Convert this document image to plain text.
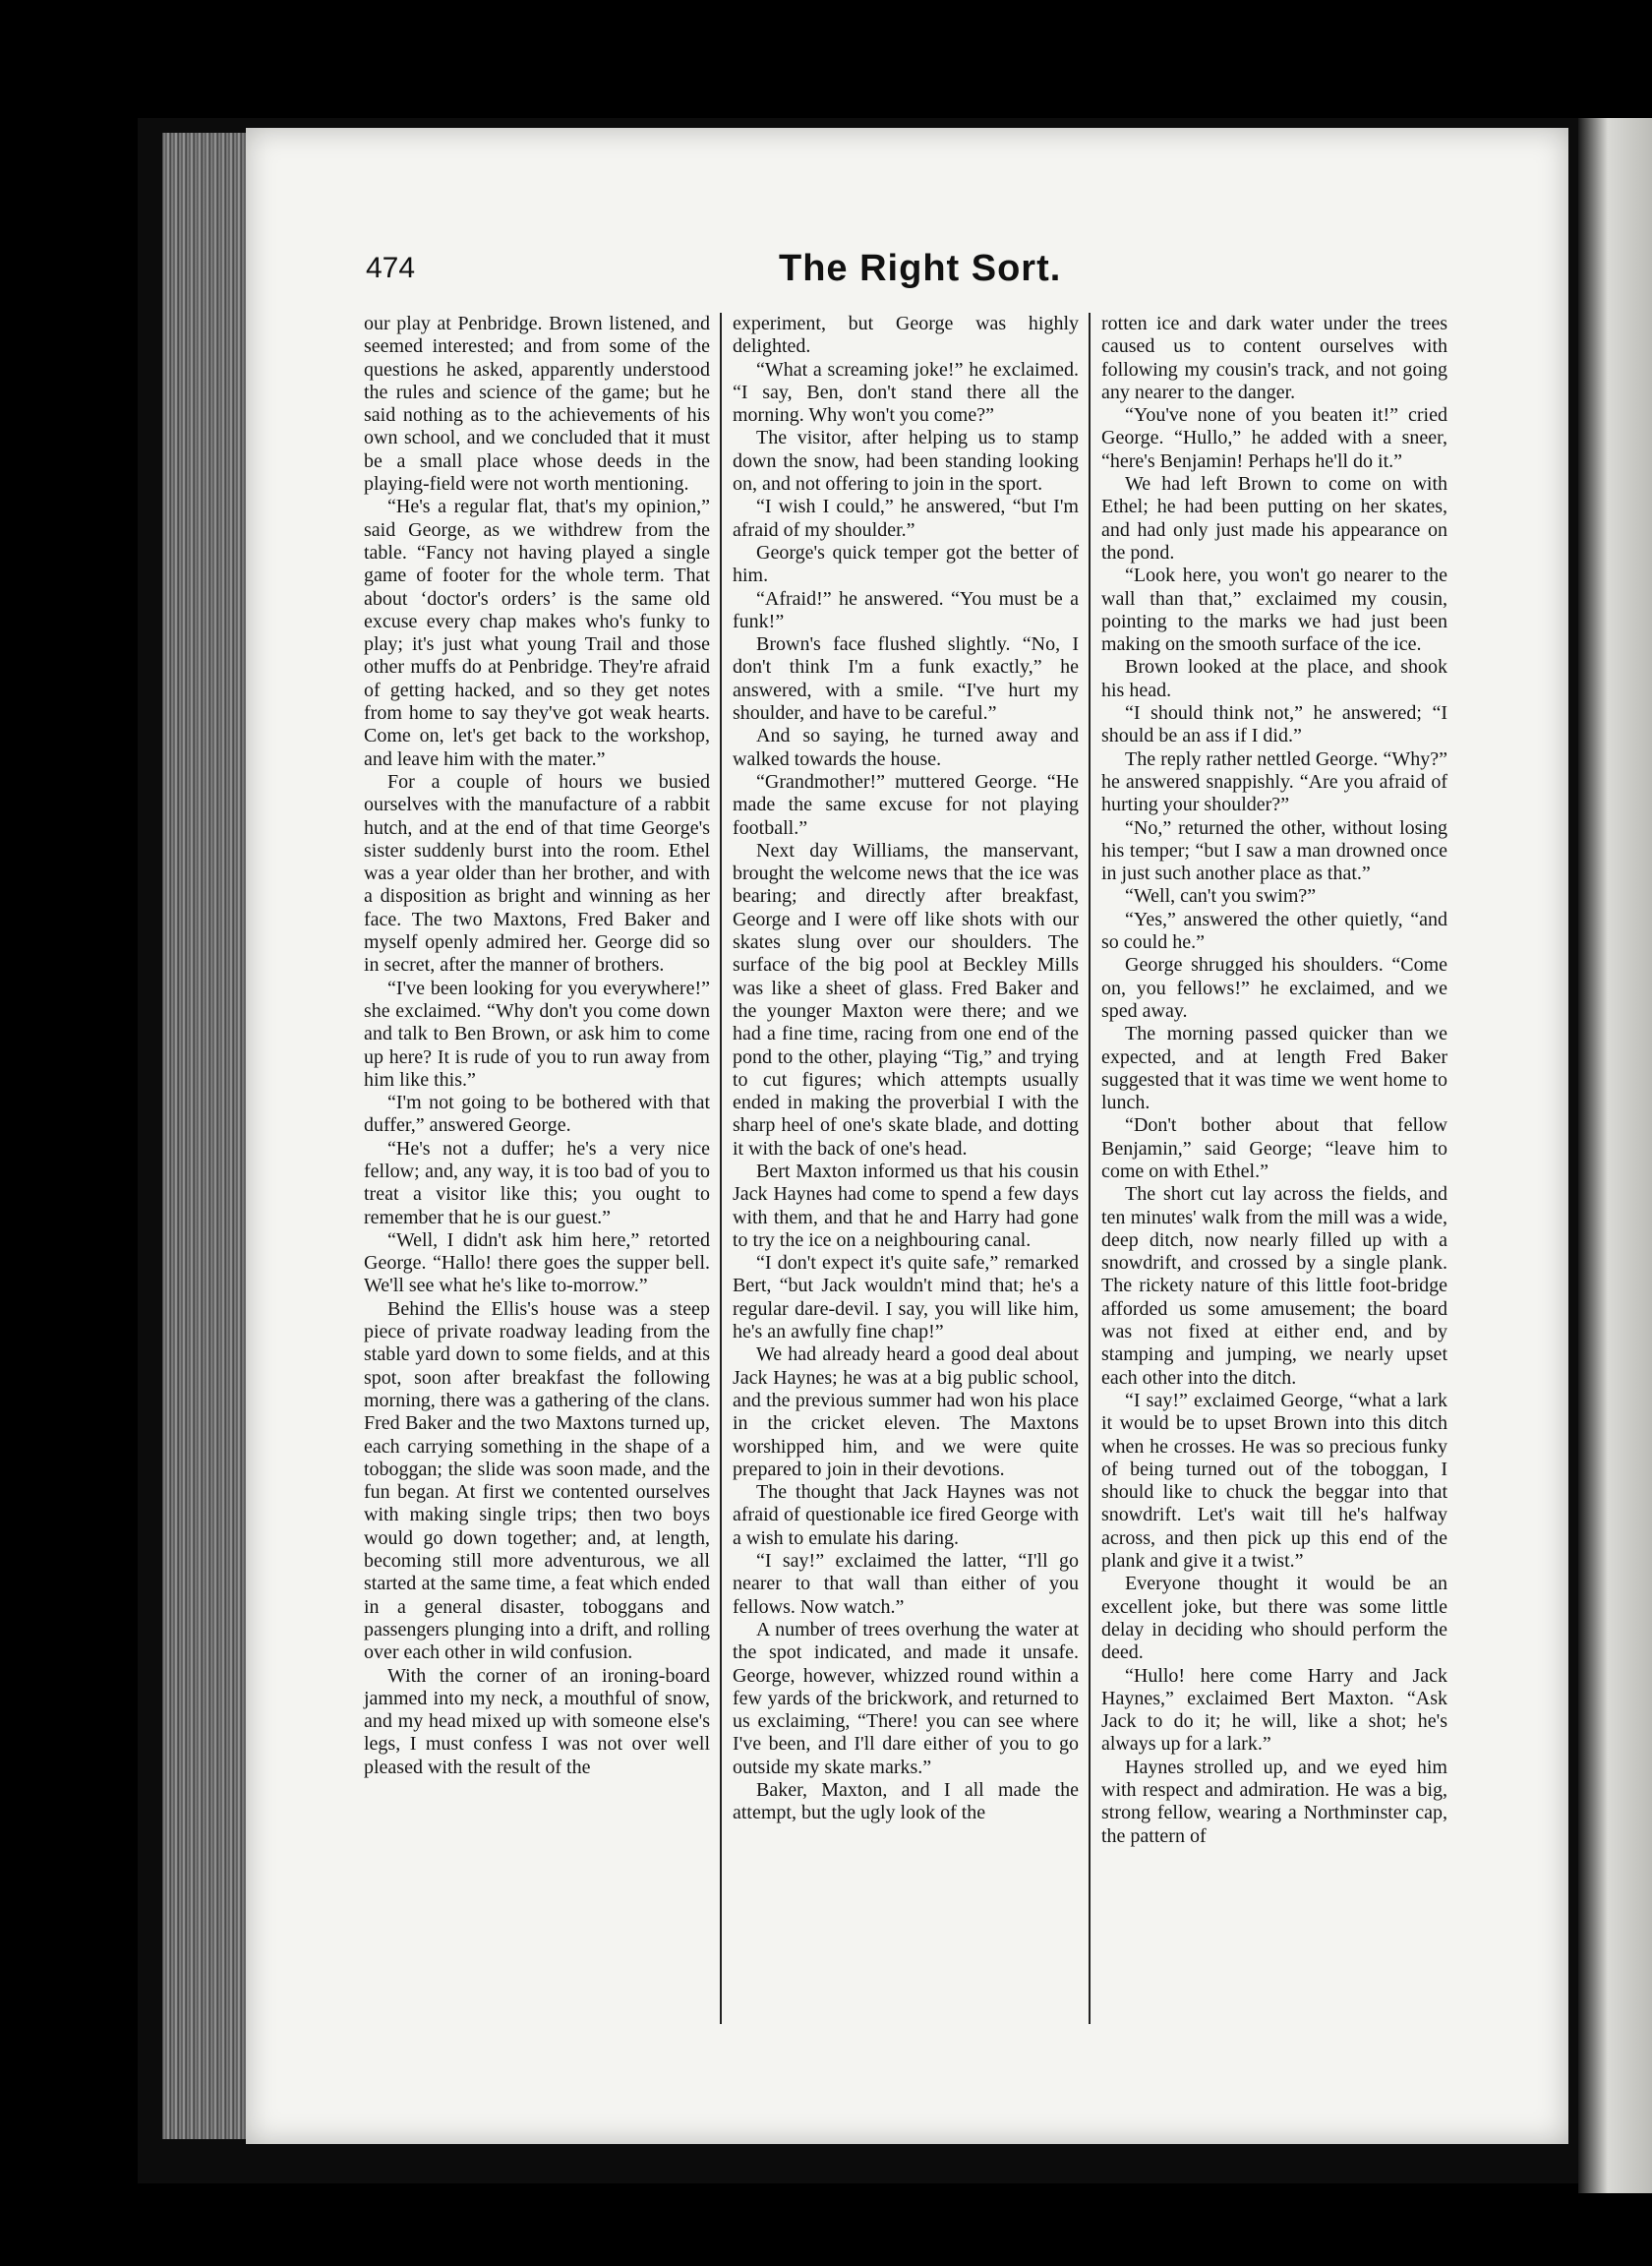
474	The Right Sort.

our play at Penbridge. Brown listened, and seemed interested; and from some of the questions he asked, apparently understood the rules and science of the game; but he said nothing as to the achievements of his own school, and we concluded that it must be a small place whose deeds in the playing-field were not worth mentioning.

“He's a regular flat, that's my opinion,” said George, as we withdrew from the table. “Fancy not having played a single game of footer for the whole term. That about ‘doctor's orders’ is the same old excuse every chap makes who's funky to play; it's just what young Trail and those other muffs do at Penbridge. They're afraid of getting hacked, and so they get notes from home to say they've got weak hearts. Come on, let's get back to the workshop, and leave him with the mater.”

For a couple of hours we busied ourselves with the manufacture of a rabbit hutch, and at the end of that time George's sister suddenly burst into the room. Ethel was a year older than her brother, and with a disposition as bright and winning as her face. The two Maxtons, Fred Baker and myself openly admired her. George did so in secret, after the manner of brothers.

“I've been looking for you everywhere!” she exclaimed. “Why don't you come down and talk to Ben Brown, or ask him to come up here? It is rude of you to run away from him like this.”

“I'm not going to be bothered with that duffer,” answered George.

“He's not a duffer; he's a very nice fellow; and, any way, it is too bad of you to treat a visitor like this; you ought to remember that he is our guest.”

“Well, I didn't ask him here,” retorted George. “Hallo! there goes the supper bell. We'll see what he's like to-morrow.”

Behind the Ellis's house was a steep piece of private roadway leading from the stable yard down to some fields, and at this spot, soon after breakfast the following morning, there was a gathering of the clans. Fred Baker and the two Maxtons turned up, each carrying something in the shape of a toboggan; the slide was soon made, and the fun began. At first we contented ourselves with making single trips; then two boys would go down together; and, at length, becoming still more adventurous, we all started at the same time, a feat which ended in a general disaster, toboggans and passengers plunging into a drift, and rolling over each other in wild confusion.

With the corner of an ironing-board jammed into my neck, a mouthful of snow, and my head mixed up with someone else's legs, I must confess I was not over well pleased with the result of the

experiment, but George was highly delighted.

“What a screaming joke!” he exclaimed. “I say, Ben, don't stand there all the morning. Why won't you come?”

The visitor, after helping us to stamp down the snow, had been standing looking on, and not offering to join in the sport.

“I wish I could,” he answered, “but I'm afraid of my shoulder.”

George's quick temper got the better of him.

“Afraid!” he answered. “You must be a funk!”

Brown's face flushed slightly. “No, I don't think I'm a funk exactly,” he answered, with a smile. “I've hurt my shoulder, and have to be careful.”

And so saying, he turned away and walked towards the house.

“Grandmother!” muttered George. “He made the same excuse for not playing football.”

Next day Williams, the manservant, brought the welcome news that the ice was bearing; and directly after breakfast, George and I were off like shots with our skates slung over our shoulders. The surface of the big pool at Beckley Mills was like a sheet of glass. Fred Baker and the younger Maxton were there; and we had a fine time, racing from one end of the pond to the other, playing “Tig,” and trying to cut figures; which attempts usually ended in making the proverbial I with the sharp heel of one's skate blade, and dotting it with the back of one's head.

Bert Maxton informed us that his cousin Jack Haynes had come to spend a few days with them, and that he and Harry had gone to try the ice on a neighbouring canal.

“I don't expect it's quite safe,” remarked Bert, “but Jack wouldn't mind that; he's a regular dare-devil. I say, you will like him, he's an awfully fine chap!”

We had already heard a good deal about Jack Haynes; he was at a big public school, and the previous summer had won his place in the cricket eleven. The Maxtons worshipped him, and we were quite prepared to join in their devotions.

The thought that Jack Haynes was not afraid of questionable ice fired George with a wish to emulate his daring.

“I say!” exclaimed the latter, “I'll go nearer to that wall than either of you fellows. Now watch.”

A number of trees overhung the water at the spot indicated, and made it unsafe. George, however, whizzed round within a few yards of the brickwork, and returned to us exclaiming, “There! you can see where I've been, and I'll dare either of you to go outside my skate marks.”

Baker, Maxton, and I all made the attempt, but the ugly look of the

rotten ice and dark water under the trees caused us to content ourselves with following my cousin's track, and not going any nearer to the danger.

“You've none of you beaten it!” cried George. “Hullo,” he added with a sneer, “here's Benjamin! Perhaps he'll do it.”

We had left Brown to come on with Ethel; he had been putting on her skates, and had only just made his appearance on the pond.

“Look here, you won't go nearer to the wall than that,” exclaimed my cousin, pointing to the marks we had just been making on the smooth surface of the ice.

Brown looked at the place, and shook his head.

“I should think not,” he answered; “I should be an ass if I did.”

The reply rather nettled George. “Why?” he answered snappishly. “Are you afraid of hurting your shoulder?”

“No,” returned the other, without losing his temper; “but I saw a man drowned once in just such another place as that.”

“Well, can't you swim?”

“Yes,” answered the other quietly, “and so could he.”

George shrugged his shoulders. “Come on, you fellows!” he exclaimed, and we sped away.

The morning passed quicker than we expected, and at length Fred Baker suggested that it was time we went home to lunch.

“Don't bother about that fellow Benjamin,” said George; “leave him to come on with Ethel.”

The short cut lay across the fields, and ten minutes' walk from the mill was a wide, deep ditch, now nearly filled up with a snowdrift, and crossed by a single plank. The rickety nature of this little foot-bridge afforded us some amusement; the board was not fixed at either end, and by stamping and jumping, we nearly upset each other into the ditch.

“I say!” exclaimed George, “what a lark it would be to upset Brown into this ditch when he crosses. He was so precious funky of being turned out of the toboggan, I should like to chuck the beggar into that snowdrift. Let's wait till he's halfway across, and then pick up this end of the plank and give it a twist.”

Everyone thought it would be an excellent joke, but there was some little delay in deciding who should perform the deed.

“Hullo! here come Harry and Jack Haynes,” exclaimed Bert Maxton. “Ask Jack to do it; he will, like a shot; he's always up for a lark.”

Haynes strolled up, and we eyed him with respect and admiration. He was a big, strong fellow, wearing a Northminster cap, the pattern of
